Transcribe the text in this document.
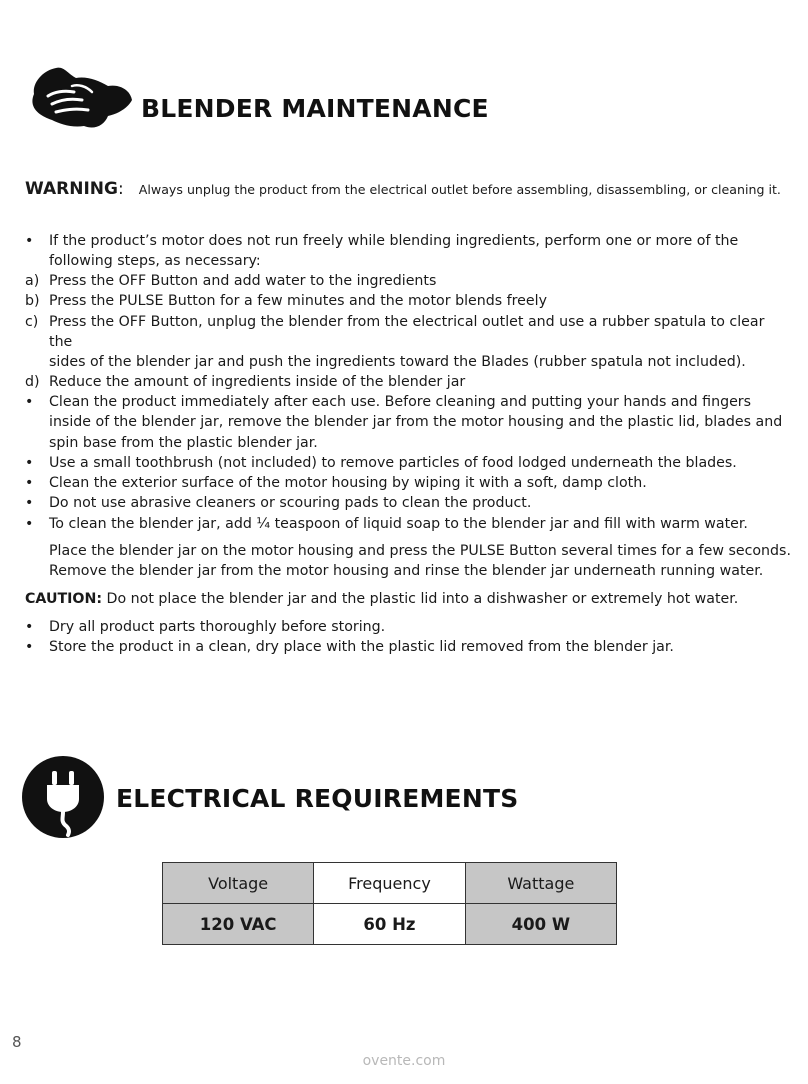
BLENDER MAINTENANCE
WARNING: Always unplug the product from the electrical outlet before assembling, disassembling, or cleaning it.
•	If the product’s motor does not run freely while blending ingredients, perform one or more of the
following steps, as necessary:
a) Press the OFF Button and add water to the ingredients
b) Press the PULSE Button for a few minutes and the motor blends freely
c) Press the OFF Button, unplug the blender from the electrical outlet and use a rubber spatula to clear the
sides of the blender jar and push the ingredients toward the Blades (rubber spatula not included).
d) Reduce the amount of ingredients inside of the blender jar
•	Clean the product immediately after each use. Before cleaning and putting your hands and fingers
inside of the blender jar, remove the blender jar from the motor housing and the plastic lid, blades and
spin base from the plastic blender jar.
•	Use a small toothbrush (not included) to remove particles of food lodged underneath the blades.
•	Clean the exterior surface of the motor housing by wiping it with a soft, damp cloth.
•	Do not use abrasive cleaners or scouring pads to clean the product.
•	To clean the blender jar, add ¼ teaspoon of liquid soap to the blender jar and fill with warm water.
Place the blender jar on the motor housing and press the PULSE Button several times for a few seconds.
Remove the blender jar from the motor housing and rinse the blender jar underneath running water.
CAUTION: Do not place the blender jar and the plastic lid into a dishwasher or extremely hot water.
•	Dry all product parts thoroughly before storing.
•	Store the product in a clean, dry place with the plastic lid removed from the blender jar.
ELECTRICAL REQUIREMENTS
Voltage	Frequency	Wattage
120 VAC	60 Hz	400 W
8
ovente.com
